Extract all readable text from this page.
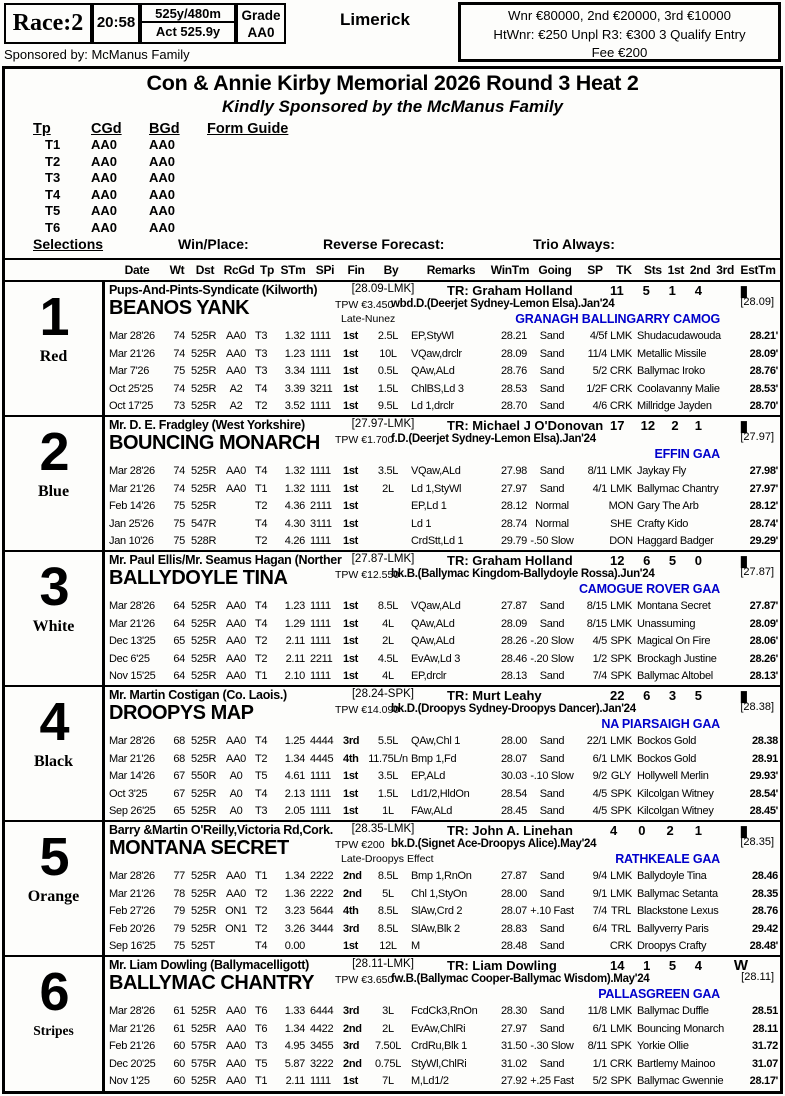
Race:2 20:58
525y/480m
Act 525.9y
Grade
AA0
Limerick	Wnr €80000, 2nd €20000, 3rd €10000
HtWnr: €250 Unpl R3: €300 3 Qualify Entry
Fee €200
Sponsored by: McManus Family
Con & Annie Kirby Memorial 2026 Round 3 Heat 2
Kindly Sponsored by the McManus Family
Tp	CGd	BGd	Form Guide
T1	AA0	AA0
T2	AA0	AA0
T3	AA0	AA0
T4	AA0	AA0
T5	AA0	AA0
T6	AA0	AA0
Selections	Win/Place:	Reverse Forecast:	Trio Always:
Date	Wt Dst RcGd Tp STm SPi	Fin	By	Remarks	WinTm Going	SP	TK	Sts 1st 2nd 3rd EstTm
1
Red
Pups-And-Pints-Syndicate (Kilworth)
BEANOS YANK
[28.09-LMK]
TPW €3.450
Late-Nunez
TR: Graham Holland	11 5 1 4	▮
wbd.D.(Deerjet Sydney-Lemon Elsa).Jan'24
GRANAGH BALLINGARRY CAMOG
[28.09]
Mar 28'26	74 525R AA0 T3	1.32 1111	1st	2.5L	EP,StyWl	28.21	Sand	4/5f LMK Shudacudawouda	28.21'
Mar 21'26	74 525R AA0 T3	1.23 1111	1st	10L	VQaw,drclr	28.09	Sand	11/4 LMK Metallic Missile	28.09'
Mar 7'26	75 525R AA0 T3	3.34 1111	1st	0.5L	QAw,ALd	28.76	Sand	5/2 CRK Ballymac Iroko	28.76'
Oct 25'25	74 525R	A2	T4	3.39 3211 1st	1.5L	ChlBS,Ld 3	28.53	Sand	1/2F CRK Coolavanny Malie	28.53'
Oct 17'25	73 525R	A2	T2	3.52 1111	1st	9.5L	Ld 1,drclr	28.70	Sand	4/6 CRK Millridge Jayden	28.70'
2
Blue
Mr. D. E. Fradgley (West Yorkshire)
BOUNCING MONARCH
[27.97-LMK]
TPW €1.700
TR: Michael J O'Donovan 17 12 2 1	▮
f.D.(Deerjet Sydney-Lemon Elsa).Jan'24
EFFIN GAA
[27.97]
Mar 28'26	74 525R AA0 T4	1.32 1111	1st	3.5L	VQaw,ALd	27.98	Sand	8/11 LMK Jaykay Fly	27.98'
Mar 21'26	74 525R AA0 T1	1.32 1111	1st	2L	Ld 1,StyWl	27.97	Sand	4/1 LMK Ballymac Chantry	27.97'
Feb 14'26	75 525R	T2	4.36 2111	1st	EP,Ld 1	28.12 Normal	MON Gary The Arb	28.12'
Jan 25'26	75 547R	T4	4.30 3111	1st	Ld 1	28.74 Normal	SHE Crafty Kido	28.74'
Jan 10'26	75 528R	T2	4.26 1111	1st	CrdStt,Ld 1	29.79 -.50 Slow	DON Haggard Badger	29.29'
3
White
Mr. Paul Ellis/Mr. Seamus Hagan (Norther
BALLYDOYLE TINA
[27.87-LMK]
TPW €12.550
TR: Graham Holland	12 6 5 0	▮
bk.B.(Ballymac Kingdom-Ballydoyle Rossa).Jun'24
CAMOGUE ROVER GAA
[27.87]
Mar 28'26	64 525R AA0 T4	1.23 1111	1st	8.5L	VQaw,ALd	27.87	Sand	8/15 LMK Montana Secret	27.87'
Mar 21'26	64 525R AA0 T4	1.29 1111	1st	4L	QAw,ALd	28.09	Sand	8/15 LMK Unassuming	28.09'
Dec 13'25	65 525R AA0 T2	2.11 1111	1st	2L	QAw,ALd	28.26 -.20 Slow	4/5 SPK Magical On Fire	28.06'
Dec 6'25	64 525R AA0 T2	2.11 2211 1st	4.5L	EvAw,Ld 3	28.46 -.20 Slow	1/2 SPK Brockagh Justine	28.26'
Nov 15'25	64 525R AA0 T1	2.10 1111	1st	4L	EP,drclr	28.13	Sand	7/4 SPK Ballymac Altobel	28.13'
4
Black
Mr. Martin Costigan (Co. Laois.)
DROOPYS MAP
[28.24-SPK]
TPW €14.090
TR: Murt Leahy	22 6 3 5	▮
bk.D.(Droopys Sydney-Droopys Dancer).Jan'24
NA PIARSAIGH GAA
[28.38]
Mar 28'26	68 525R AA0 T4	1.25 4444 3rd	5.5L	QAw,Chl 1	28.00	Sand	22/1 LMK Bockos Gold	28.38
Mar 21'26	68 525R AA0 T2	1.34 4445 4th 11.75L/n Bmp 1,Fd	28.07	Sand	6/1 LMK Bockos Gold	28.91
Mar 14'26	67 550R	A0	T5	4.61 1111	1st	3.5L	EP,ALd	30.03 -.10 Slow	9/2 GLY Hollywell Merlin	29.93'
Oct 3'25	67 525R	A0	T4	2.13 1111	1st	1.5L	Ld1/2,HldOn	28.54	Sand	4/5 SPK Kilcolgan Witney	28.54'
Sep 26'25	65 525R	A0	T3	2.05 1111	1st	1L	FAw,ALd	28.45	Sand	4/5 SPK Kilcolgan Witney	28.45'
5
Orange
Barry &Martin O'Reilly,Victoria Rd,Cork.
MONTANA SECRET
[28.35-LMK]
TPW €200
Late-Droopys Effect
TR: John A. Linehan	4 0 2 1	▮
bk.D.(Signet Ace-Droopys Alice).May'24
RATHKEALE GAA
[28.35]
Mar 28'26	77 525R AA0 T1	1.34 2222 2nd	8.5L	Bmp 1,RnOn	27.87	Sand	9/4 LMK Ballydoyle Tina	28.46
Mar 21'26	78 525R AA0 T2	1.36 2222 2nd	5L	Chl 1,StyOn	28.00	Sand	9/1 LMK Ballymac Setanta	28.35
Feb 27'26	79 525R ON1 T2	3.23 5644 4th	8.5L	SlAw,Crd 2	28.07 +.10 Fast	7/4 TRL Blackstone Lexus	28.76
Feb 20'26	79 525R ON1 T2	3.26 3444 3rd	8.5L	SlAw,Blk 2	28.83	Sand	6/4 TRL Ballyverry Paris	29.42
Sep 16'25	75 525T	T4	0.00	1st	12L	M	28.48	Sand	CRK Droopys Crafty	28.48'
6
Stripes
Mr. Liam Dowling (Ballymacelligott)
BALLYMAC CHANTRY
[28.11-LMK]
TPW €3.650
TR: Liam Dowling	14 1 5 4 W
fw.B.(Ballymac Cooper-Ballymac Wisdom).May'24
PALLASGREEN GAA
[28.11]
Mar 28'26	61 525R AA0 T6	1.33 6444 3rd	3L	FcdCk3,RnOn	28.30	Sand	11/8 LMK Ballymac Duffle	28.51
Mar 21'26	61 525R AA0 T6	1.34 4422 2nd	2L	EvAw,ChlRi	27.97	Sand	6/1 LMK Bouncing Monarch	28.11
Feb 21'26	60 575R AA0 T3	4.95 3455 3rd	7.50L CrdRu,Blk 1	31.50 -.30 Slow	8/11 SPK Yorkie Ollie	31.72
Dec 20'25	60 575R AA0 T5	5.87 3222 2nd	0.75L StyWl,ChlRi	31.02	Sand	1/1 CRK Bartlemy Mainoo	31.07
Nov 1'25	60 525R AA0 T1	2.11 1111	1st	7L	M,Ld1/2	27.92 +.25 Fast	5/2 SPK Ballymac Gwennie	28.17'
